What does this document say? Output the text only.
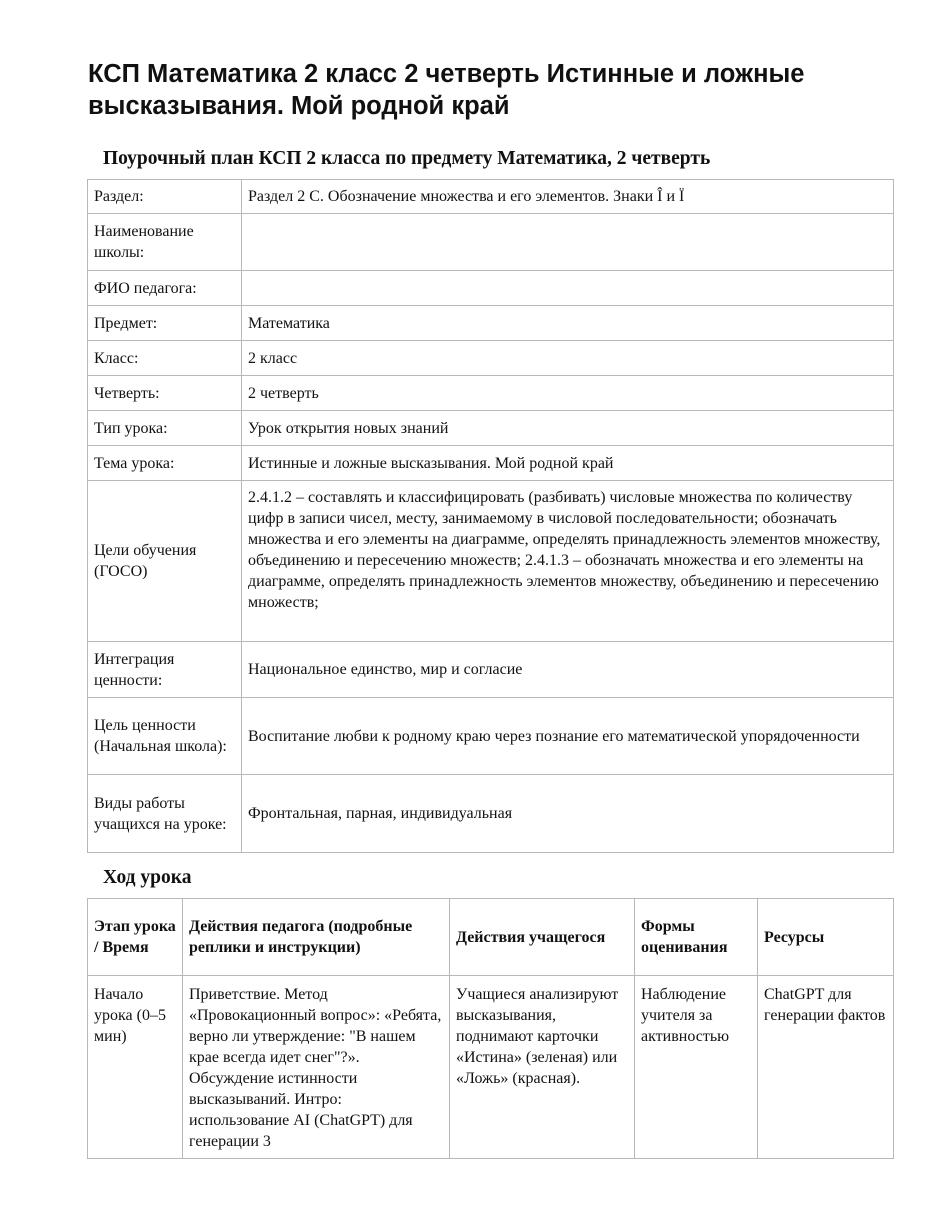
КСП Математика 2 класс 2 четверть Истинные и ложные высказывания. Мой родной край
Поурочный план КСП 2 класса по предмету Математика, 2 четверть
Раздел:	Раздел 2 С. Обозначение множества и его элементов. Знаки Î и Ï
Наименование школы:	
ФИО педагога:	
Предмет:	Математика
Класс:	2 класс
Четверть:	2 четверть
Тип урока:	Урок открытия новых знаний
Тема урока:	Истинные и ложные высказывания. Мой родной край
Цели обучения (ГОСО)	2.4.1.2 – составлять и классифицировать (разбивать) числовые множества по количеству цифр в записи чисел, месту, занимаемому в числовой последовательности; обозначать множества и его элементы на диаграмме, определять принадлежность элементов множеству, объединению и пересечению множеств; 2.4.1.3 – обозначать множества и его элементы на диаграмме, определять принадлежность элементов множеству, объединению и пересечению множеств;
Интеграция ценности:	Национальное единство, мир и согласие
Цель ценности (Начальная школа):	Воспитание любви к родному краю через познание его математической упорядоченности
Виды работы учащихся на уроке:	Фронтальная, парная, индивидуальная
Ход урока
Этап урока / Время	Действия педагога (подробные реплики и инструкции)	Действия учащегося	Формы оценивания	Ресурсы
Начало урока (0–5 мин)	Приветствие. Метод «Провокационный вопрос»: «Ребята, верно ли утверждение: "В нашем крае всегда идет снег"?». Обсуждение истинности высказываний. Интро: использование AI (ChatGPT) для генерации 3	Учащиеся анализируют высказывания, поднимают карточки «Истина» (зеленая) или «Ложь» (красная).	Наблюдение учителя за активностью	ChatGPT для генерации фактов
